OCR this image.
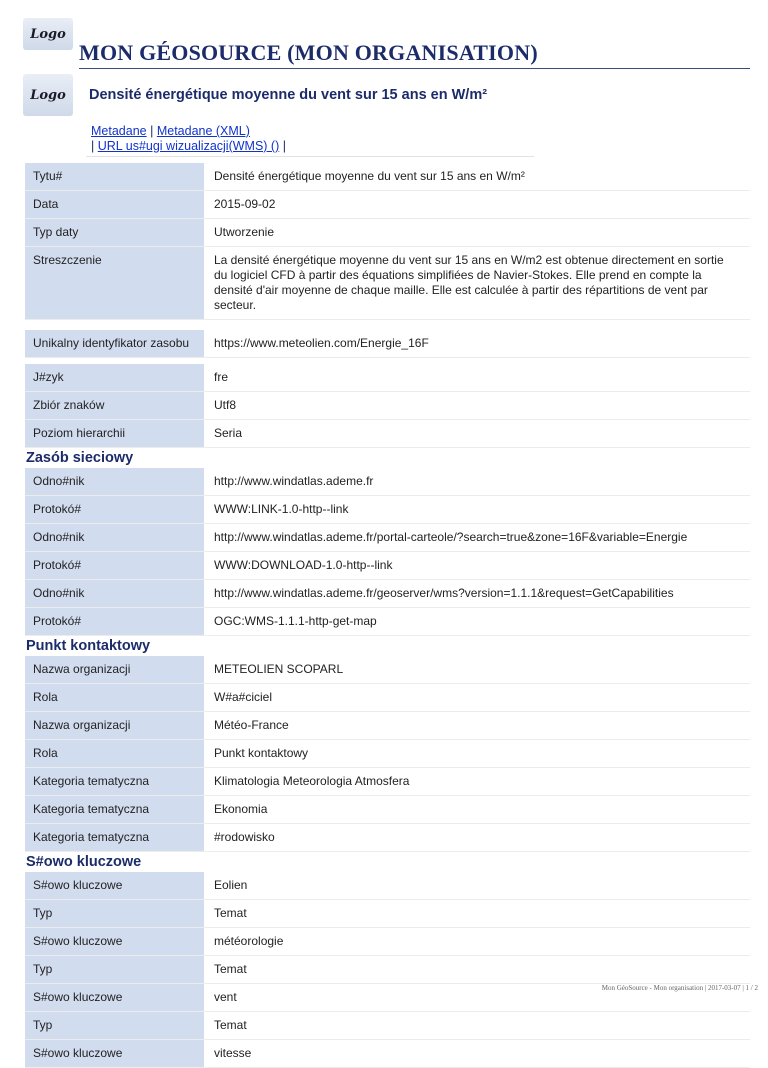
Logo
MON GÉOSOURCE (MON ORGANISATION)
Logo Densité énergétique moyenne du vent sur 15 ans en W/m²
Metadane | Metadane (XML)
| URL us#ugi wizualizacji(WMS) () |
Tytu#	Densité énergétique moyenne du vent sur 15 ans en W/m²
Data	2015-09-02
Typ daty	Utworzenie
Streszczenie	La densité énergétique moyenne du vent sur 15 ans en W/m2 est obtenue directement en sortie du logiciel CFD à partir des équations simplifiées de Navier-Stokes. Elle prend en compte la densité d'air moyenne de chaque maille. Elle est calculée à partir des répartitions de vent par secteur.
Unikalny identyfikator zasobu	https://www.meteolien.com/Energie_16F
J#zyk	fre
Zbiór znaków	Utf8
Poziom hierarchii	Seria
Zasób sieciowy
Odno#nik	http://www.windatlas.ademe.fr
Protokó#	WWW:LINK-1.0-http--link
Odno#nik	http://www.windatlas.ademe.fr/portal-carteole/?search=true&zone=16F&variable=Energie
Protokó#	WWW:DOWNLOAD-1.0-http--link
Odno#nik	http://www.windatlas.ademe.fr/geoserver/wms?version=1.1.1&request=GetCapabilities
Protokó#	OGC:WMS-1.1.1-http-get-map
Punkt kontaktowy
Nazwa organizacji	METEOLIEN SCOPARL
Rola	W#a#ciciel
Nazwa organizacji	Météo-France
Rola	Punkt kontaktowy
Kategoria tematyczna	Klimatologia Meteorologia Atmosfera
Kategoria tematyczna	Ekonomia
Kategoria tematyczna	#rodowisko
S#owo kluczowe
S#owo kluczowe	Eolien
Typ	Temat
S#owo kluczowe	météorologie
Typ	Temat
S#owo kluczowe	vent
Typ	Temat
S#owo kluczowe	vitesse
Mon GéoSource - Mon organisation | 2017-03-07 | 1 / 2
